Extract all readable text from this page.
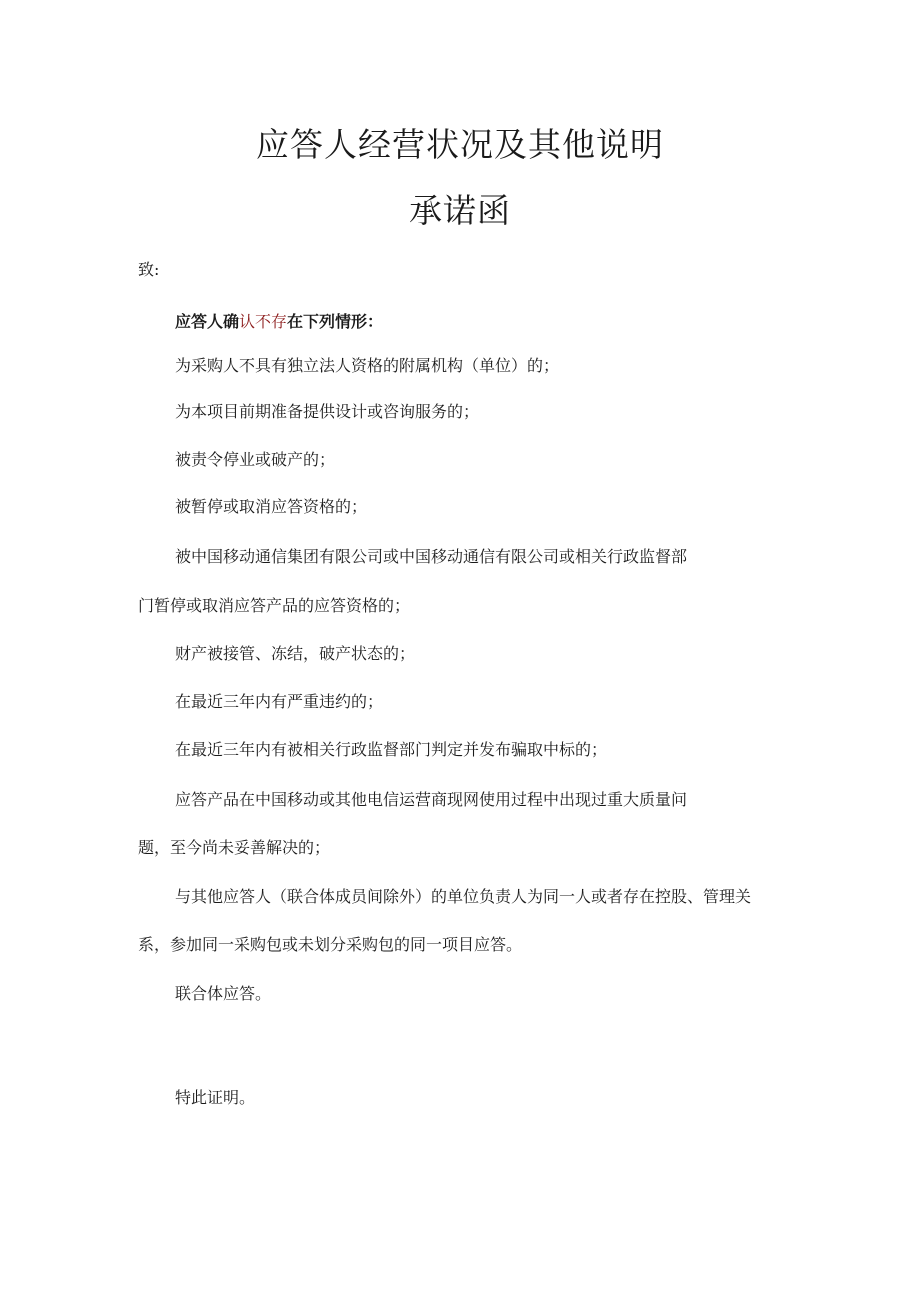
应答人经营状况及其他说明
承诺函

致:

应答人确认不存在下列情形：

为采购人不具有独立法人资格的附属机构（单位）的；

为本项目前期准备提供设计或咨询服务的；

被责令停业或破产的；

被暂停或取消应答资格的；

被中国移动通信集团有限公司或中国移动通信有限公司或相关行政监督部

门暂停或取消应答产品的应答资格的；

财产被接管、冻结，破产状态的；

在最近三年内有严重违约的；

在最近三年内有被相关行政监督部门判定并发布骗取中标的；

应答产品在中国移动或其他电信运营商现网使用过程中出现过重大质量问

题，至今尚未妥善解决的；

与其他应答人（联合体成员间除外）的单位负责人为同一人或者存在控股、管理关

系，参加同一采购包或未划分采购包的同一项目应答。

联合体应答。

特此证明。
